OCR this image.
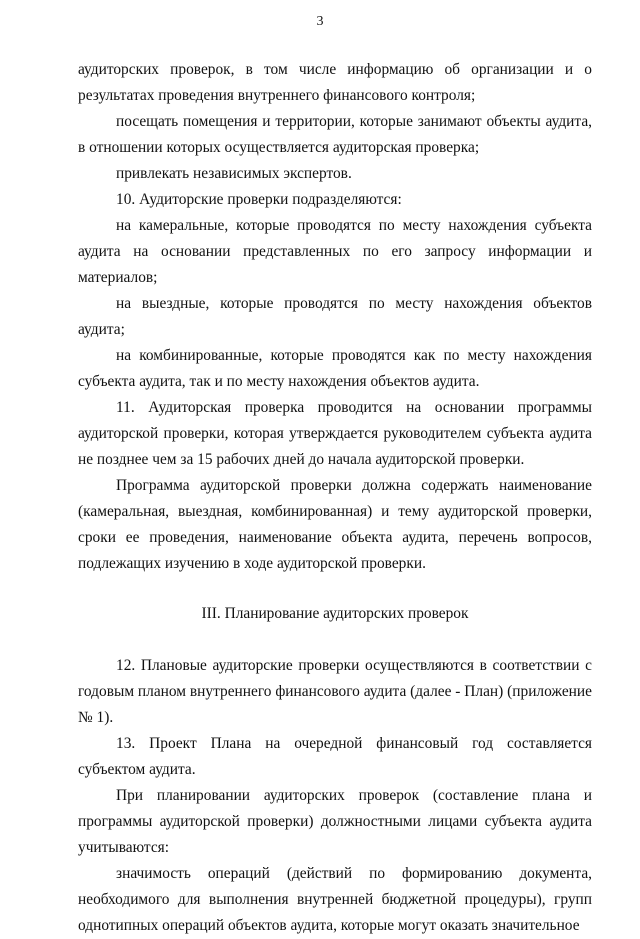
3

аудиторских проверок, в том числе информацию об организации и о результатах проведения внутреннего финансового контроля;

посещать помещения и территории, которые занимают объекты аудита, в отношении которых осуществляется аудиторская проверка;

привлекать независимых экспертов.

10. Аудиторские проверки подразделяются:

на камеральные, которые проводятся по месту нахождения субъекта аудита на основании представленных по его запросу информации и материалов;

на выездные, которые проводятся по месту нахождения объектов аудита;

на комбинированные, которые проводятся как по месту нахождения субъекта аудита, так и по месту нахождения объектов аудита.

11. Аудиторская проверка проводится на основании программы аудиторской проверки, которая утверждается руководителем субъекта аудита не позднее чем за 15 рабочих дней до начала аудиторской проверки.

Программа аудиторской проверки должна содержать наименование (камеральная, выездная, комбинированная) и тему аудиторской проверки, сроки ее проведения, наименование объекта аудита, перечень вопросов, подлежащих изучению в ходе аудиторской проверки.

III. Планирование аудиторских проверок

12. Плановые аудиторские проверки осуществляются в соответствии с годовым планом внутреннего финансового аудита (далее - План) (приложение № 1).

13. Проект Плана на очередной финансовый год составляется субъектом аудита.

При планировании аудиторских проверок (составление плана и программы аудиторской проверки) должностными лицами субъекта аудита учитываются:

значимость операций (действий по формированию документа, необходимого для выполнения внутренней бюджетной процедуры), групп однотипных операций объектов аудита, которые могут оказать значительное
